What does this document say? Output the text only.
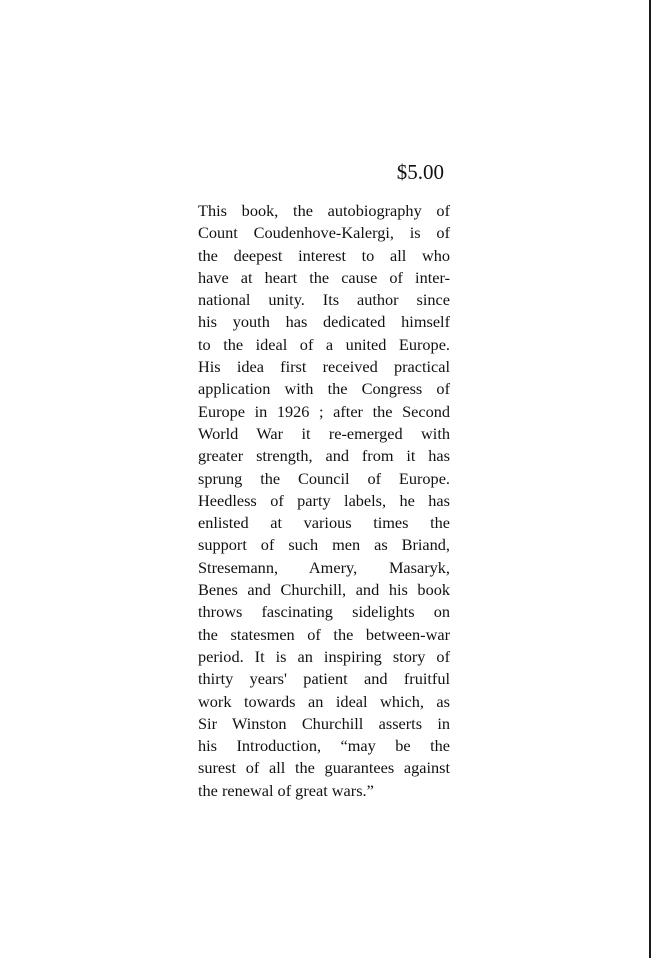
$5.00
This book, the autobiography of
Count Coudenhove-Kalergi, is of
the deepest interest to all who
have at heart the cause of inter-
national unity. Its author since
his youth has dedicated himself
to the ideal of a united Europe.
His idea first received practical
application with the Congress of
Europe in 1926 ; after the Second
World War it re-emerged with
greater strength, and from it has
sprung the Council of Europe.
Heedless of party labels, he has
enlisted at various times the
support of such men as Briand,
Stresemann, Amery, Masaryk,
Benes and Churchill, and his book
throws fascinating sidelights on
the statesmen of the between-war
period. It is an inspiring story of
thirty years' patient and fruitful
work towards an ideal which, as
Sir Winston Churchill asserts in
his Introduction, “may be the
surest of all the guarantees against
the renewal of great wars.”
